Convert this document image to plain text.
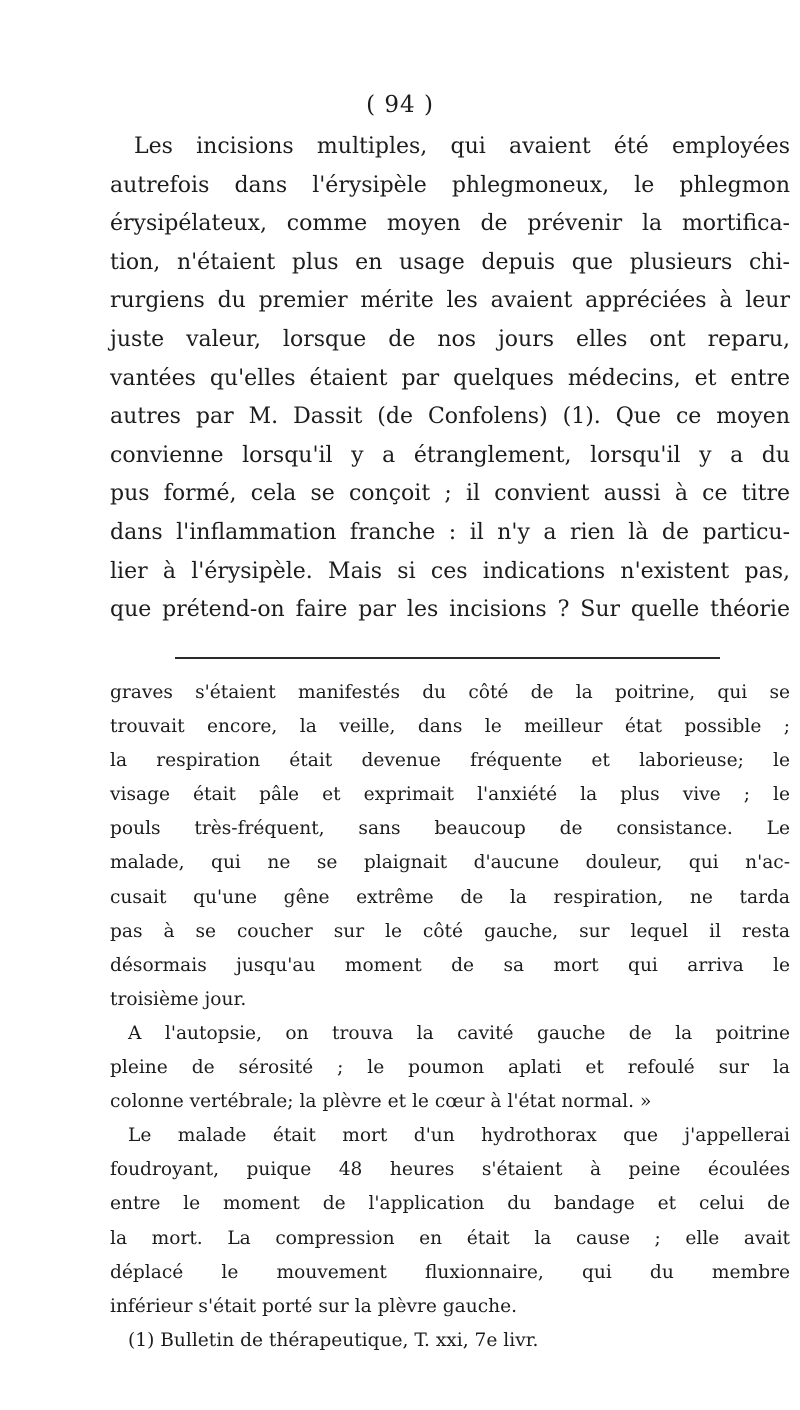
( 94 )
Les incisions multiples, qui avaient été employées
autrefois dans l'érysipèle phlegmoneux, le phlegmon
érysipélateux, comme moyen de prévenir la mortifica-
tion, n'étaient plus en usage depuis que plusieurs chi-
rurgiens du premier mérite les avaient appréciées à leur
juste valeur, lorsque de nos jours elles ont reparu,
vantées qu'elles étaient par quelques médecins, et entre
autres par M. Dassit (de Confolens) (1). Que ce moyen
convienne lorsqu'il y a étranglement, lorsqu'il y a du
pus formé, cela se conçoit ; il convient aussi à ce titre
dans l'inflammation franche : il n'y a rien là de particu-
lier à l'érysipèle. Mais si ces indications n'existent pas,
que prétend-on faire par les incisions ? Sur quelle théorie
graves s'étaient manifestés du côté de la poitrine, qui se
trouvait encore, la veille, dans le meilleur état possible ;
la respiration était devenue fréquente et laborieuse; le
visage était pâle et exprimait l'anxiété la plus vive ; le
pouls très-fréquent, sans beaucoup de consistance. Le
malade, qui ne se plaignait d'aucune douleur, qui n'ac-
cusait qu'une gêne extrême de la respiration, ne tarda
pas à se coucher sur le côté gauche, sur lequel il resta
désormais jusqu'au moment de sa mort qui arriva le
troisième jour.
A l'autopsie, on trouva la cavité gauche de la poitrine
pleine de sérosité ; le poumon aplati et refoulé sur la
colonne vertébrale; la plèvre et le cœur à l'état normal. »
Le malade était mort d'un hydrothorax que j'appellerai
foudroyant, puique 48 heures s'étaient à peine écoulées
entre le moment de l'application du bandage et celui de
la mort. La compression en était la cause ; elle avait
déplacé le mouvement fluxionnaire, qui du membre
inférieur s'était porté sur la plèvre gauche.
(1) Bulletin de thérapeutique, T. xxi, 7e livr.
